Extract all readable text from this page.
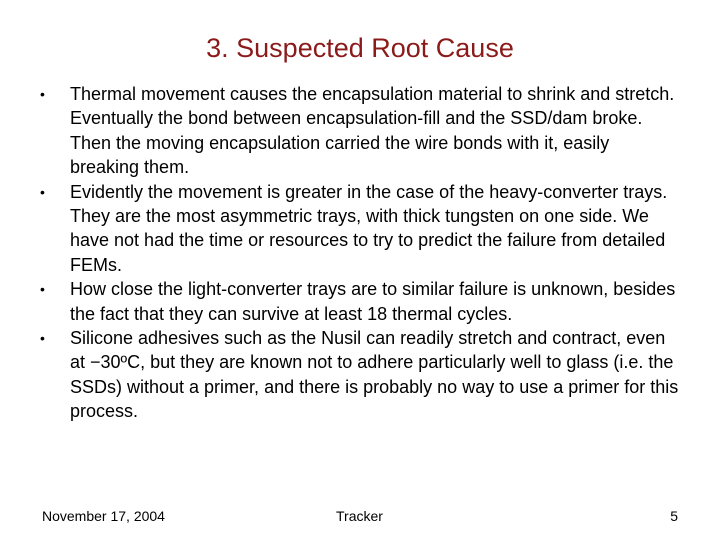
3. Suspected Root Cause
•	Thermal movement causes the encapsulation material to shrink and stretch. Eventually the bond between encapsulation-fill and the SSD/dam broke. Then the moving encapsulation carried the wire bonds with it, easily breaking them.
•	Evidently the movement is greater in the case of the heavy-converter trays. They are the most asymmetric trays, with thick tungsten on one side. We have not had the time or resources to try to predict the failure from detailed FEMs.
•	How close the light-converter trays are to similar failure is unknown, besides the fact that they can survive at least 18 thermal cycles.
•	Silicone adhesives such as the Nusil can readily stretch and contract, even at −30ºC, but they are known not to adhere particularly well to glass (i.e. the SSDs) without a primer, and there is probably no way to use a primer for this process.
November 17, 2004	Tracker	5
